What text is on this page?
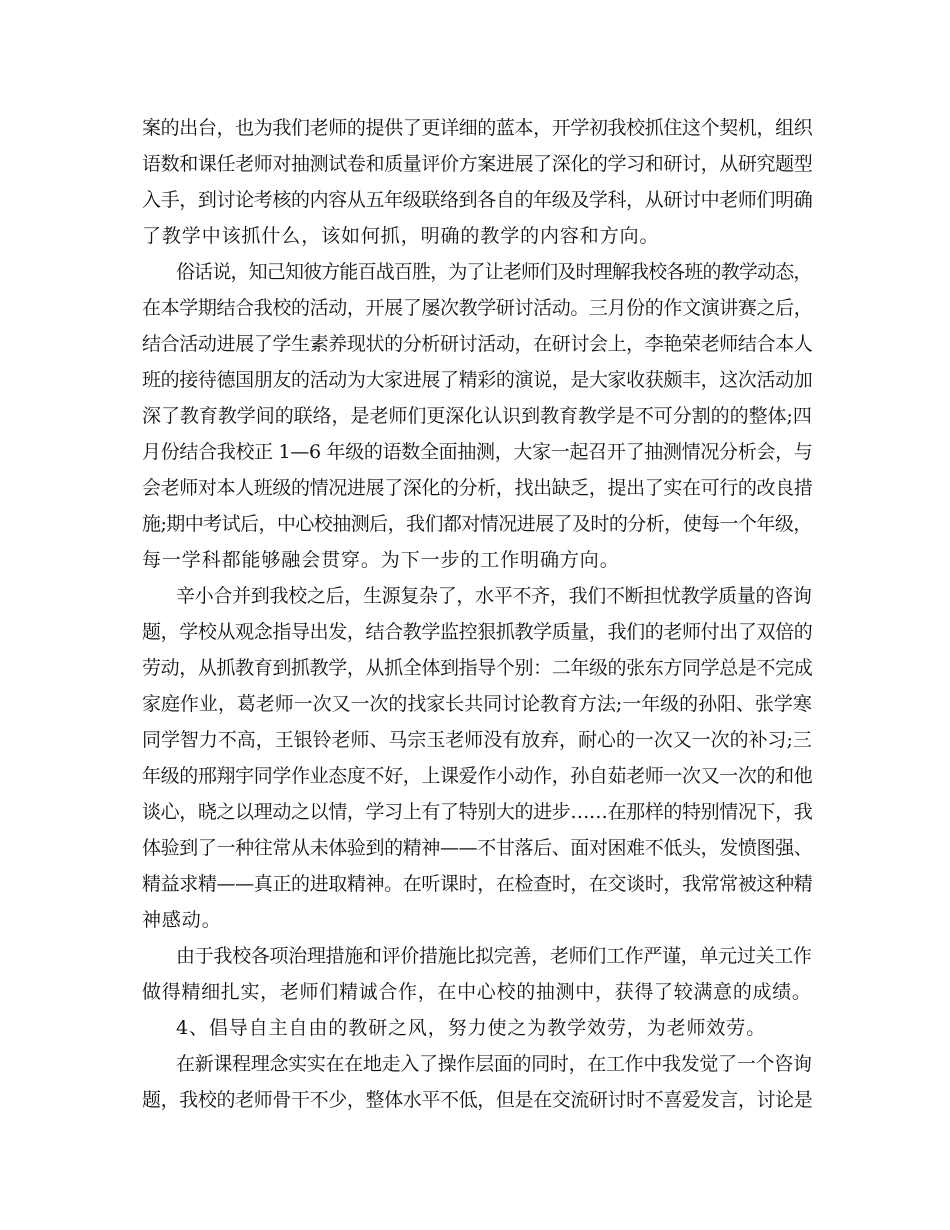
案的出台，也为我们老师的提供了更详细的蓝本，开学初我校抓住这个契机，组织
语数和课任老师对抽测试卷和质量评价方案进展了深化的学习和研讨，从研究题型
入手，到讨论考核的内容从五年级联络到各自的年级及学科，从研讨中老师们明确
了教学中该抓什么，该如何抓，明确的教学的内容和方向。
俗话说，知己知彼方能百战百胜，为了让老师们及时理解我校各班的教学动态，
在本学期结合我校的活动，开展了屡次教学研讨活动。三月份的作文演讲赛之后，
结合活动进展了学生素养现状的分析研讨活动，在研讨会上，李艳荣老师结合本人
班的接待德国朋友的活动为大家进展了精彩的演说，是大家收获颇丰，这次活动加
深了教育教学间的联络，是老师们更深化认识到教育教学是不可分割的的整体;四
月份结合我校正 1—6 年级的语数全面抽测，大家一起召开了抽测情况分析会，与
会老师对本人班级的情况进展了深化的分析，找出缺乏，提出了实在可行的改良措
施;期中考试后，中心校抽测后，我们都对情况进展了及时的分析，使每一个年级，
每一学科都能够融会贯穿。为下一步的工作明确方向。
辛小合并到我校之后，生源复杂了，水平不齐，我们不断担忧教学质量的咨询
题，学校从观念指导出发，结合教学监控狠抓教学质量，我们的老师付出了双倍的
劳动，从抓教育到抓教学，从抓全体到指导个别：二年级的张东方同学总是不完成
家庭作业，葛老师一次又一次的找家长共同讨论教育方法;一年级的孙阳、张学寒
同学智力不高，王银铃老师、马宗玉老师没有放弃，耐心的一次又一次的补习;三
年级的邢翔宇同学作业态度不好，上课爱作小动作，孙自茹老师一次又一次的和他
谈心，晓之以理动之以情，学习上有了特别大的进步……在那样的特别情况下，我
体验到了一种往常从未体验到的精神——不甘落后、面对困难不低头，发愤图强、
精益求精——真正的进取精神。在听课时，在检查时，在交谈时，我常常被这种精
神感动。
由于我校各项治理措施和评价措施比拟完善，老师们工作严谨，单元过关工作
做得精细扎实，老师们精诚合作，在中心校的抽测中，获得了较满意的成绩。
4、倡导自主自由的教研之风，努力使之为教学效劳，为老师效劳。
在新课程理念实实在在地走入了操作层面的同时，在工作中我发觉了一个咨询
题，我校的老师骨干不少，整体水平不低，但是在交流研讨时不喜爱发言，讨论是
